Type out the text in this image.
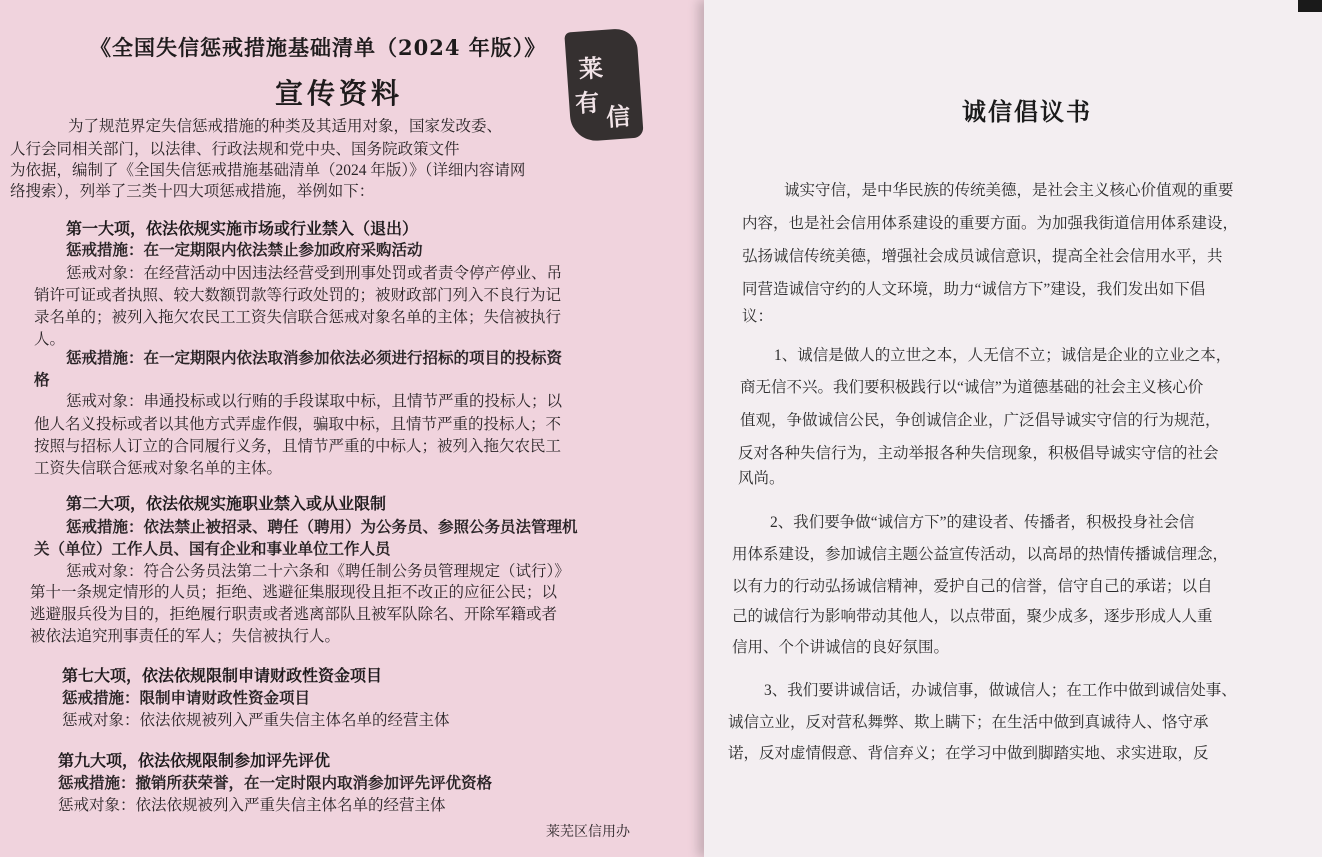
《全国失信惩戒措施基础清单（2024 年版）》
宣传资料
莱
有 信

为了规范界定失信惩戒措施的种类及其适用对象，国家发改委、

人行会同相关部门，以法律、行政法规和党中央、国务院政策文件

为依据，编制了《全国失信惩戒措施基础清单（2024 年版）》（详细内容请网

络搜索），列举了三类十四大项惩戒措施，举例如下：

第一大项，依法依规实施市场或行业禁入（退出）

惩戒措施：在一定期限内依法禁止参加政府采购活动

惩戒对象：在经营活动中因违法经营受到刑事处罚或者责令停产停业、吊

销许可证或者执照、较大数额罚款等行政处罚的；被财政部门列入不良行为记

录名单的；被列入拖欠农民工工资失信联合惩戒对象名单的主体；失信被执行

人。

惩戒措施：在一定期限内依法取消参加依法必须进行招标的项目的投标资

格

惩戒对象：串通投标或以行贿的手段谋取中标，且情节严重的投标人；以

他人名义投标或者以其他方式弄虚作假，骗取中标，且情节严重的投标人；不

按照与招标人订立的合同履行义务，且情节严重的中标人；被列入拖欠农民工

工资失信联合惩戒对象名单的主体。

第二大项，依法依规实施职业禁入或从业限制

惩戒措施：依法禁止被招录、聘任（聘用）为公务员、参照公务员法管理机

关（单位）工作人员、国有企业和事业单位工作人员

惩戒对象：符合公务员法第二十六条和《聘任制公务员管理规定（试行）》

第十一条规定情形的人员；拒绝、逃避征集服现役且拒不改正的应征公民；以

逃避服兵役为目的，拒绝履行职责或者逃离部队且被军队除名、开除军籍或者

被依法追究刑事责任的军人；失信被执行人。

第七大项，依法依规限制申请财政性资金项目

惩戒措施：限制申请财政性资金项目

惩戒对象：依法依规被列入严重失信主体名单的经营主体

第九大项，依法依规限制参加评先评优

惩戒措施：撤销所获荣誉，在一定时限内取消参加评先评优资格

惩戒对象：依法依规被列入严重失信主体名单的经营主体

莱芜区信用办

诚信倡议书

诚实守信，是中华民族的传统美德，是社会主义核心价值观的重要

内容，也是社会信用体系建设的重要方面。为加强我街道信用体系建设，

弘扬诚信传统美德，增强社会成员诚信意识，提高全社会信用水平，共

同营造诚信守约的人文环境，助力“诚信方下”建设，我们发出如下倡

议：

1、诚信是做人的立世之本，人无信不立；诚信是企业的立业之本，

商无信不兴。我们要积极践行以“诚信”为道德基础的社会主义核心价

值观，争做诚信公民，争创诚信企业，广泛倡导诚实守信的行为规范，

反对各种失信行为，主动举报各种失信现象，积极倡导诚实守信的社会

风尚。

2、我们要争做“诚信方下”的建设者、传播者，积极投身社会信

用体系建设，参加诚信主题公益宣传活动，以高昂的热情传播诚信理念，

以有力的行动弘扬诚信精神，爱护自己的信誉，信守自己的承诺；以自

己的诚信行为影响带动其他人，以点带面，聚少成多，逐步形成人人重

信用、个个讲诚信的良好氛围。

3、我们要讲诚信话，办诚信事，做诚信人；在工作中做到诚信处事、

诚信立业，反对营私舞弊、欺上瞒下；在生活中做到真诚待人、恪守承

诺，反对虚情假意、背信弃义；在学习中做到脚踏实地、求实进取，反
